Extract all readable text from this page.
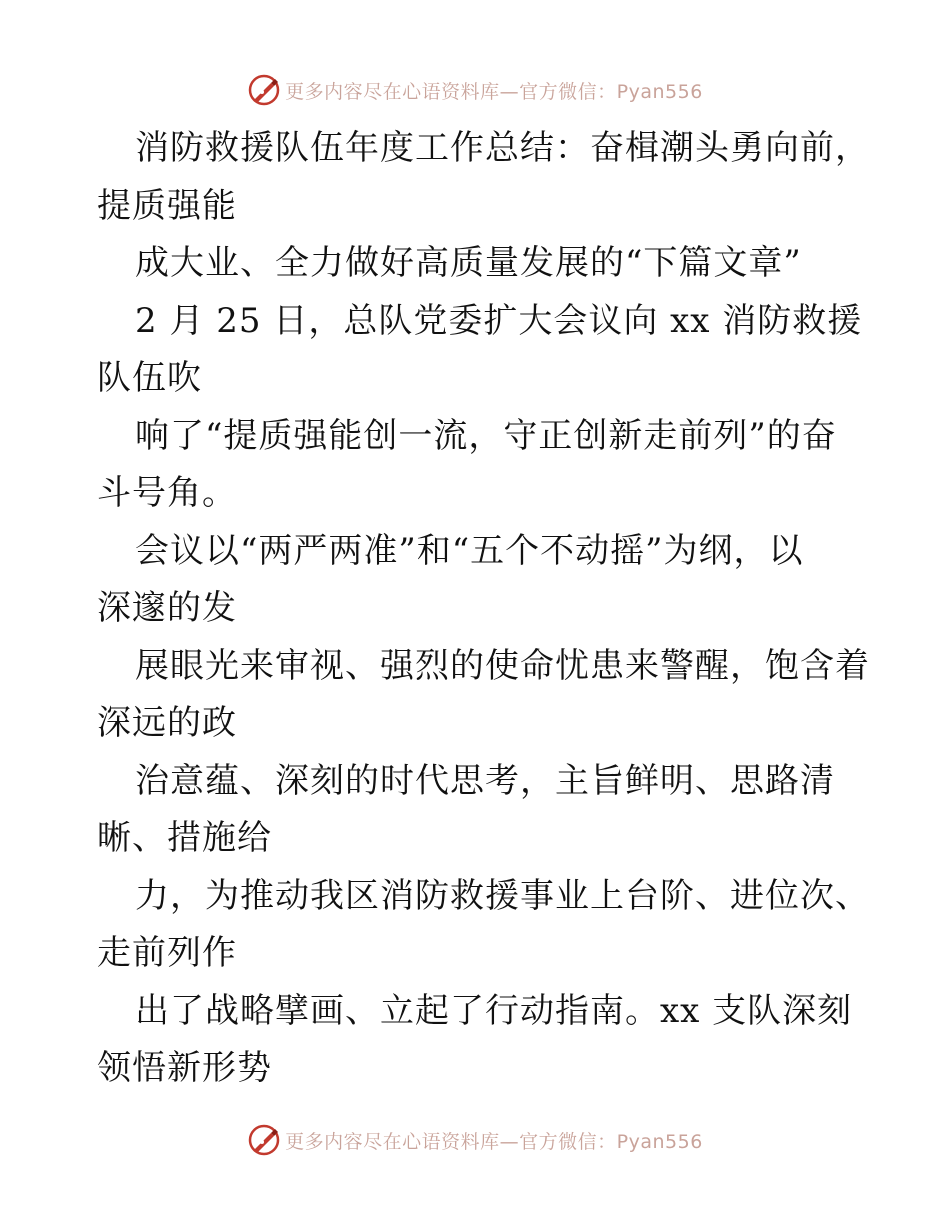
更多内容尽在心语资料库—官方微信：Pyan556
消防救援队伍年度工作总结：奋楫潮头勇向前，
提质强能
成大业、全力做好高质量发展的“下篇文章”
2 月 25 日，总队党委扩大会议向 xx 消防救援
队伍吹
响了“提质强能创一流，守正创新走前列”的奋
斗号角。
会议以“两严两准”和“五个不动摇”为纲，以
深邃的发
展眼光来审视、强烈的使命忧患来警醒，饱含着
深远的政
治意蕴、深刻的时代思考，主旨鲜明、思路清
晰、措施给
力，为推动我区消防救援事业上台阶、进位次、
走前列作
出了战略擘画、立起了行动指南。xx 支队深刻
领悟新形势
更多内容尽在心语资料库—官方微信：Pyan556
